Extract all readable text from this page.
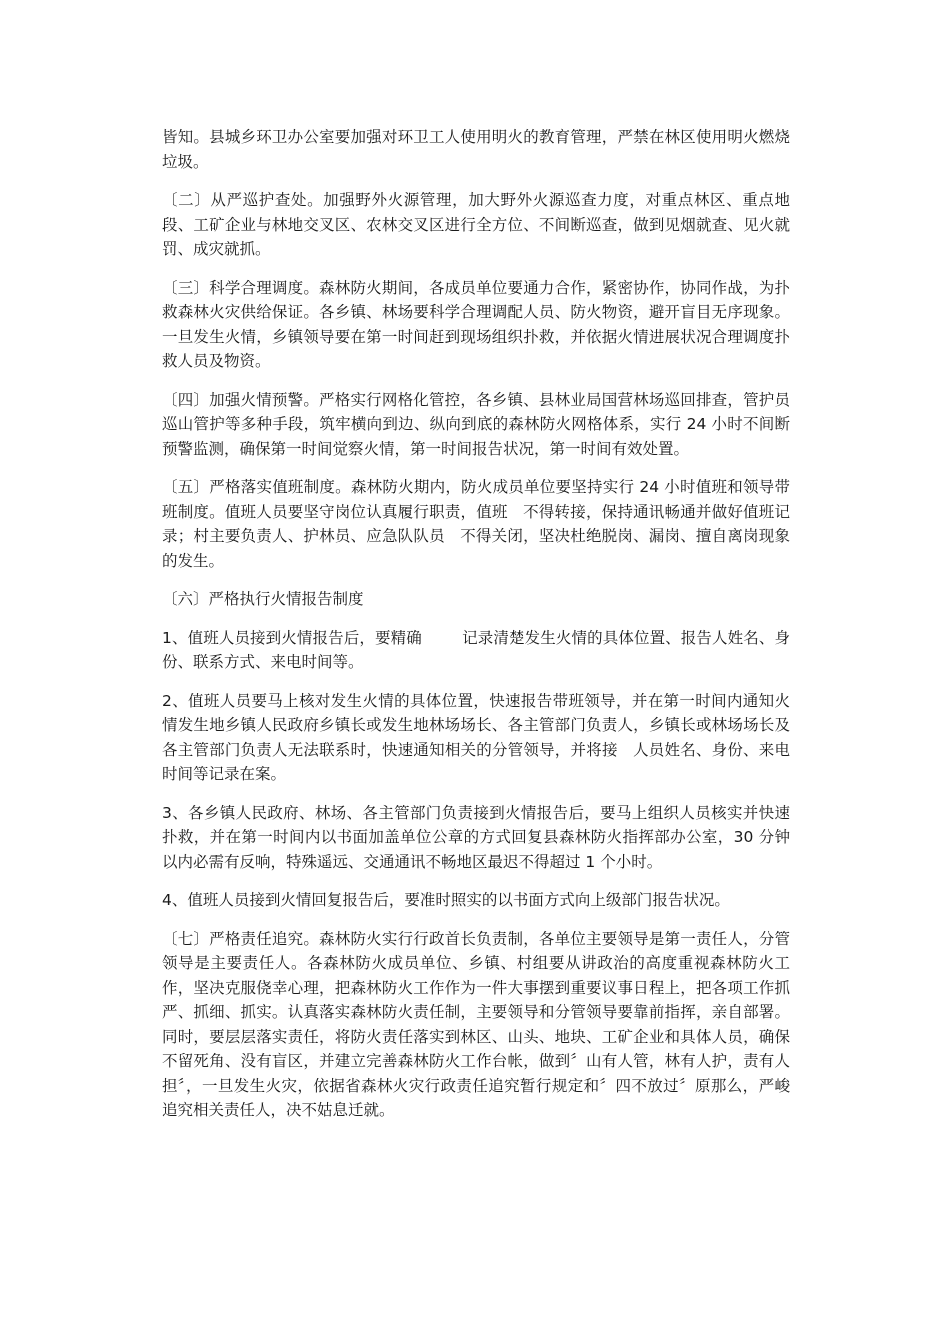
皆知。县城乡环卫办公室要加强对环卫工人使用明火的教育管理，严禁在林区使用明火燃烧垃圾。

〔二〕从严巡护查处。加强野外火源管理，加大野外火源巡查力度，对重点林区、重点地段、工矿企业与林地交叉区、农林交叉区进行全方位、不间断巡查，做到见烟就查、见火就罚、成灾就抓。

〔三〕科学合理调度。森林防火期间，各成员单位要通力合作，紧密协作，协同作战，为扑救森林火灾供给保证。各乡镇、林场要科学合理调配人员、防火物资，避开盲目无序现象。一旦发生火情，乡镇领导要在第一时间赶到现场组织扑救，并依据火情进展状况合理调度扑救人员及物资。

〔四〕加强火情预警。严格实行网格化管控，各乡镇、县林业局国营林场巡回排查，管护员巡山管护等多种手段，筑牢横向到边、纵向到底的森林防火网格体系，实行 24 小时不间断预警监测，确保第一时间觉察火情，第一时间报告状况，第一时间有效处置。

〔五〕严格落实值班制度。森林防火期内，防火成员单位要坚持实行 24 小时值班和领导带班制度。值班人员要坚守岗位认真履行职责，值班   不得转接，保持通讯畅通并做好值班记录；村主要负责人、护林员、应急队队员   不得关闭，坚决杜绝脱岗、漏岗、擅自离岗现象的发生。

〔六〕严格执行火情报告制度

1、值班人员接到火情报告后，要精确        记录清楚发生火情的具体位置、报告人姓名、身份、联系方式、来电时间等。

2、值班人员要马上核对发生火情的具体位置，快速报告带班领导，并在第一时间内通知火情发生地乡镇人民政府乡镇长或发生地林场场长、各主管部门负责人，乡镇长或林场场长及各主管部门负责人无法联系时，快速通知相关的分管领导，并将接   人员姓名、身份、来电时间等记录在案。

3、各乡镇人民政府、林场、各主管部门负责接到火情报告后，要马上组织人员核实并快速扑救，并在第一时间内以书面加盖单位公章的方式回复县森林防火指挥部办公室，30 分钟以内必需有反响，特殊遥远、交通通讯不畅地区最迟不得超过 1 个小时。

4、值班人员接到火情回复报告后，要准时照实的以书面方式向上级部门报告状况。

〔七〕严格责任追究。森林防火实行行政首长负责制，各单位主要领导是第一责任人，分管领导是主要责任人。各森林防火成员单位、乡镇、村组要从讲政治的高度重视森林防火工作，坚决克服侥幸心理，把森林防火工作作为一件大事摆到重要议事日程上，把各项工作抓严、抓细、抓实。认真落实森林防火责任制，主要领导和分管领导要靠前指挥，亲自部署。同时，要层层落实责任，将防火责任落实到林区、山头、地块、工矿企业和具体人员，确保不留死角、没有盲区，并建立完善森林防火工作台帐，做到〞山有人管，林有人护，责有人担〞，一旦发生火灾，依据省森林火灾行政责任追究暂行规定和〞四不放过〞原那么，严峻 追究相关责任人，决不姑息迁就。
